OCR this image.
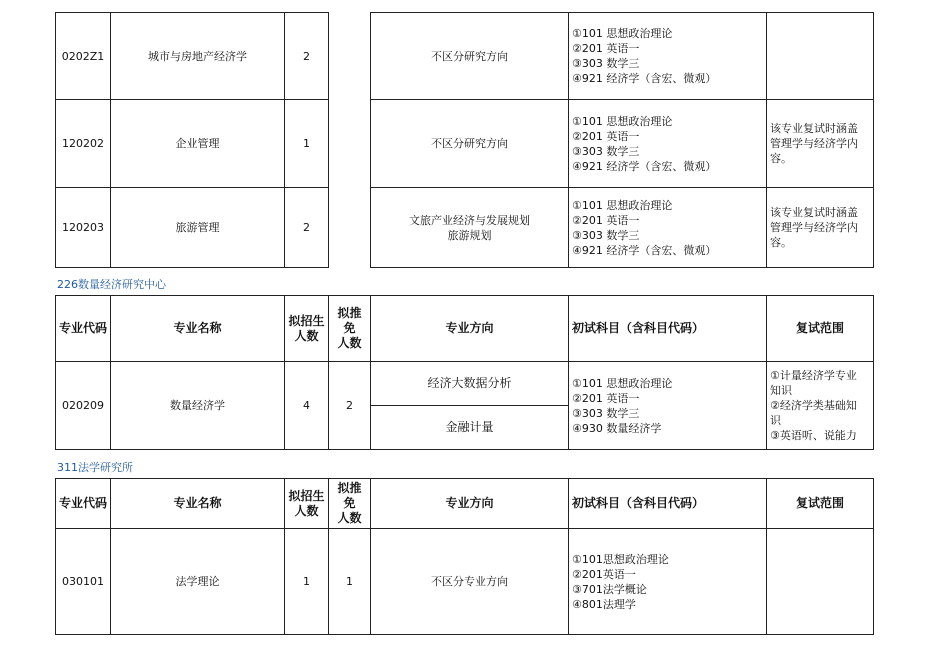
0202Z1	城市与房地产经济学	2		不区分研究方向	①101 思想政治理论
②201 英语一
③303 数学三
④921 经济学（含宏、微观）	

120202	企业管理	1		不区分研究方向	①101 思想政治理论
②201 英语一
③303 数学三
④921 经济学（含宏、微观）	该专业复试时涵盖
管理学与经济学内
容。

120203	旅游管理	2		文旅产业经济与发展规划
旅游规划	①101 思想政治理论
②201 英语一
③303 数学三
④921 经济学（含宏、微观）	该专业复试时涵盖
管理学与经济学内
容。
226数量经济研究中心
专业代码	专业名称	拟招生
人数	拟推免
人数	专业方向	初试科目（含科目代码）	复试范围
020209	数量经济学	4	2	经济大数据分析	①101 思想政治理论
②201 英语一
③303 数学三
④930 数量经济学	①计量经济学专业
知识
②经济学类基础知
识
③英语听、说能力

				金融计量		
311法学研究所
专业代码	专业名称	拟招生
人数	拟推免
人数	专业方向	初试科目（含科目代码）	复试范围
030101	法学理论	1	1	不区分专业方向	①101思想政治理论
②201英语一
③701法学概论
④801法理学	
